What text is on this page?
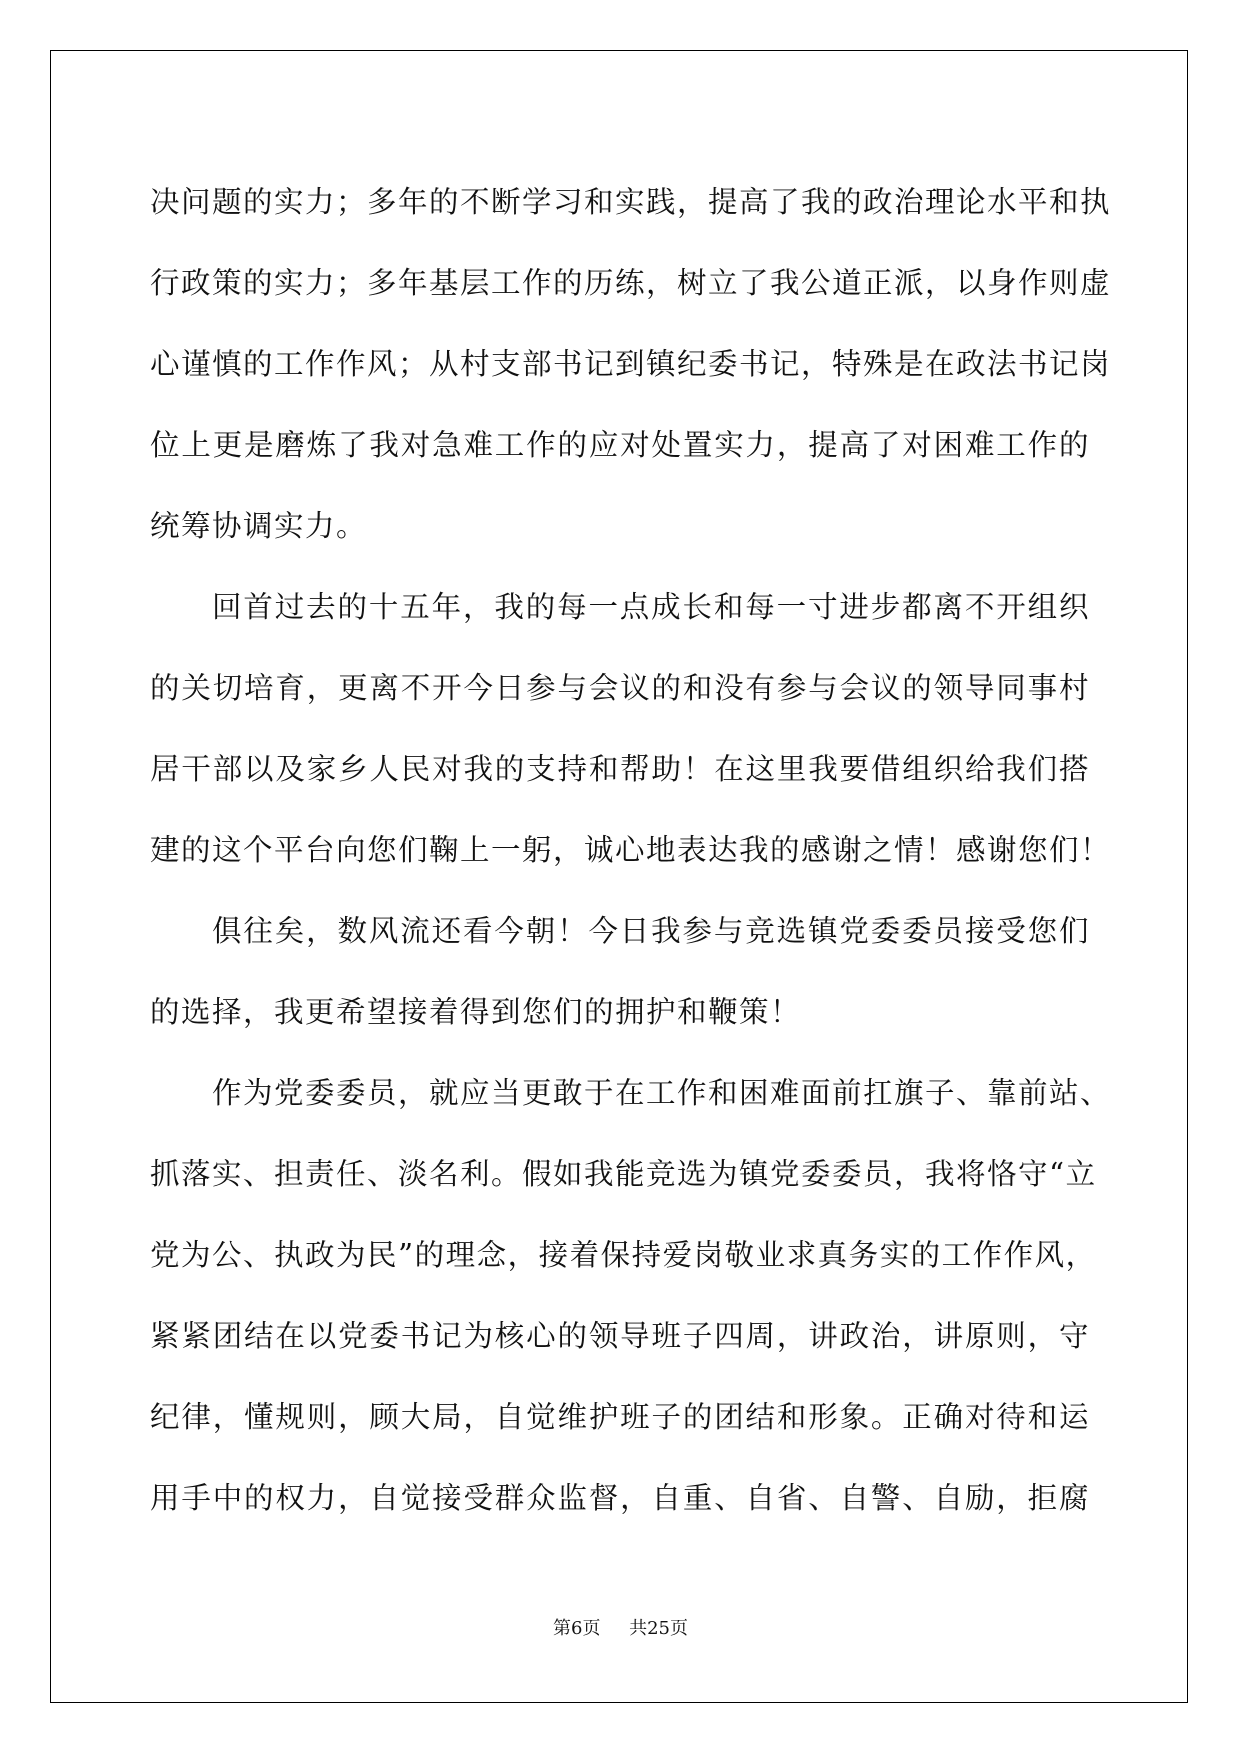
决问题的实力；多年的不断学习和实践，提高了我的政治理论水平和执
行政策的实力；多年基层工作的历练，树立了我公道正派，以身作则虚
心谨慎的工作作风；从村支部书记到镇纪委书记，特殊是在政法书记岗
位上更是磨炼了我对急难工作的应对处置实力，提高了对困难工作的
统筹协调实力。
回首过去的十五年，我的每一点成长和每一寸进步都离不开组织
的关切培育，更离不开今日参与会议的和没有参与会议的领导同事村
居干部以及家乡人民对我的支持和帮助！在这里我要借组织给我们搭
建的这个平台向您们鞠上一躬，诚心地表达我的感谢之情！感谢您们！
俱往矣，数风流还看今朝！今日我参与竞选镇党委委员接受您们
的选择，我更希望接着得到您们的拥护和鞭策！
作为党委委员，就应当更敢于在工作和困难面前扛旗子、靠前站、
抓落实、担责任、淡名利。假如我能竞选为镇党委委员，我将恪守“立
党为公、执政为民”的理念，接着保持爱岗敬业求真务实的工作作风，
紧紧团结在以党委书记为核心的领导班子四周，讲政治，讲原则，守
纪律，懂规则，顾大局，自觉维护班子的团结和形象。正确对待和运
用手中的权力，自觉接受群众监督，自重、自省、自警、自励，拒腐
第6页 共25页
